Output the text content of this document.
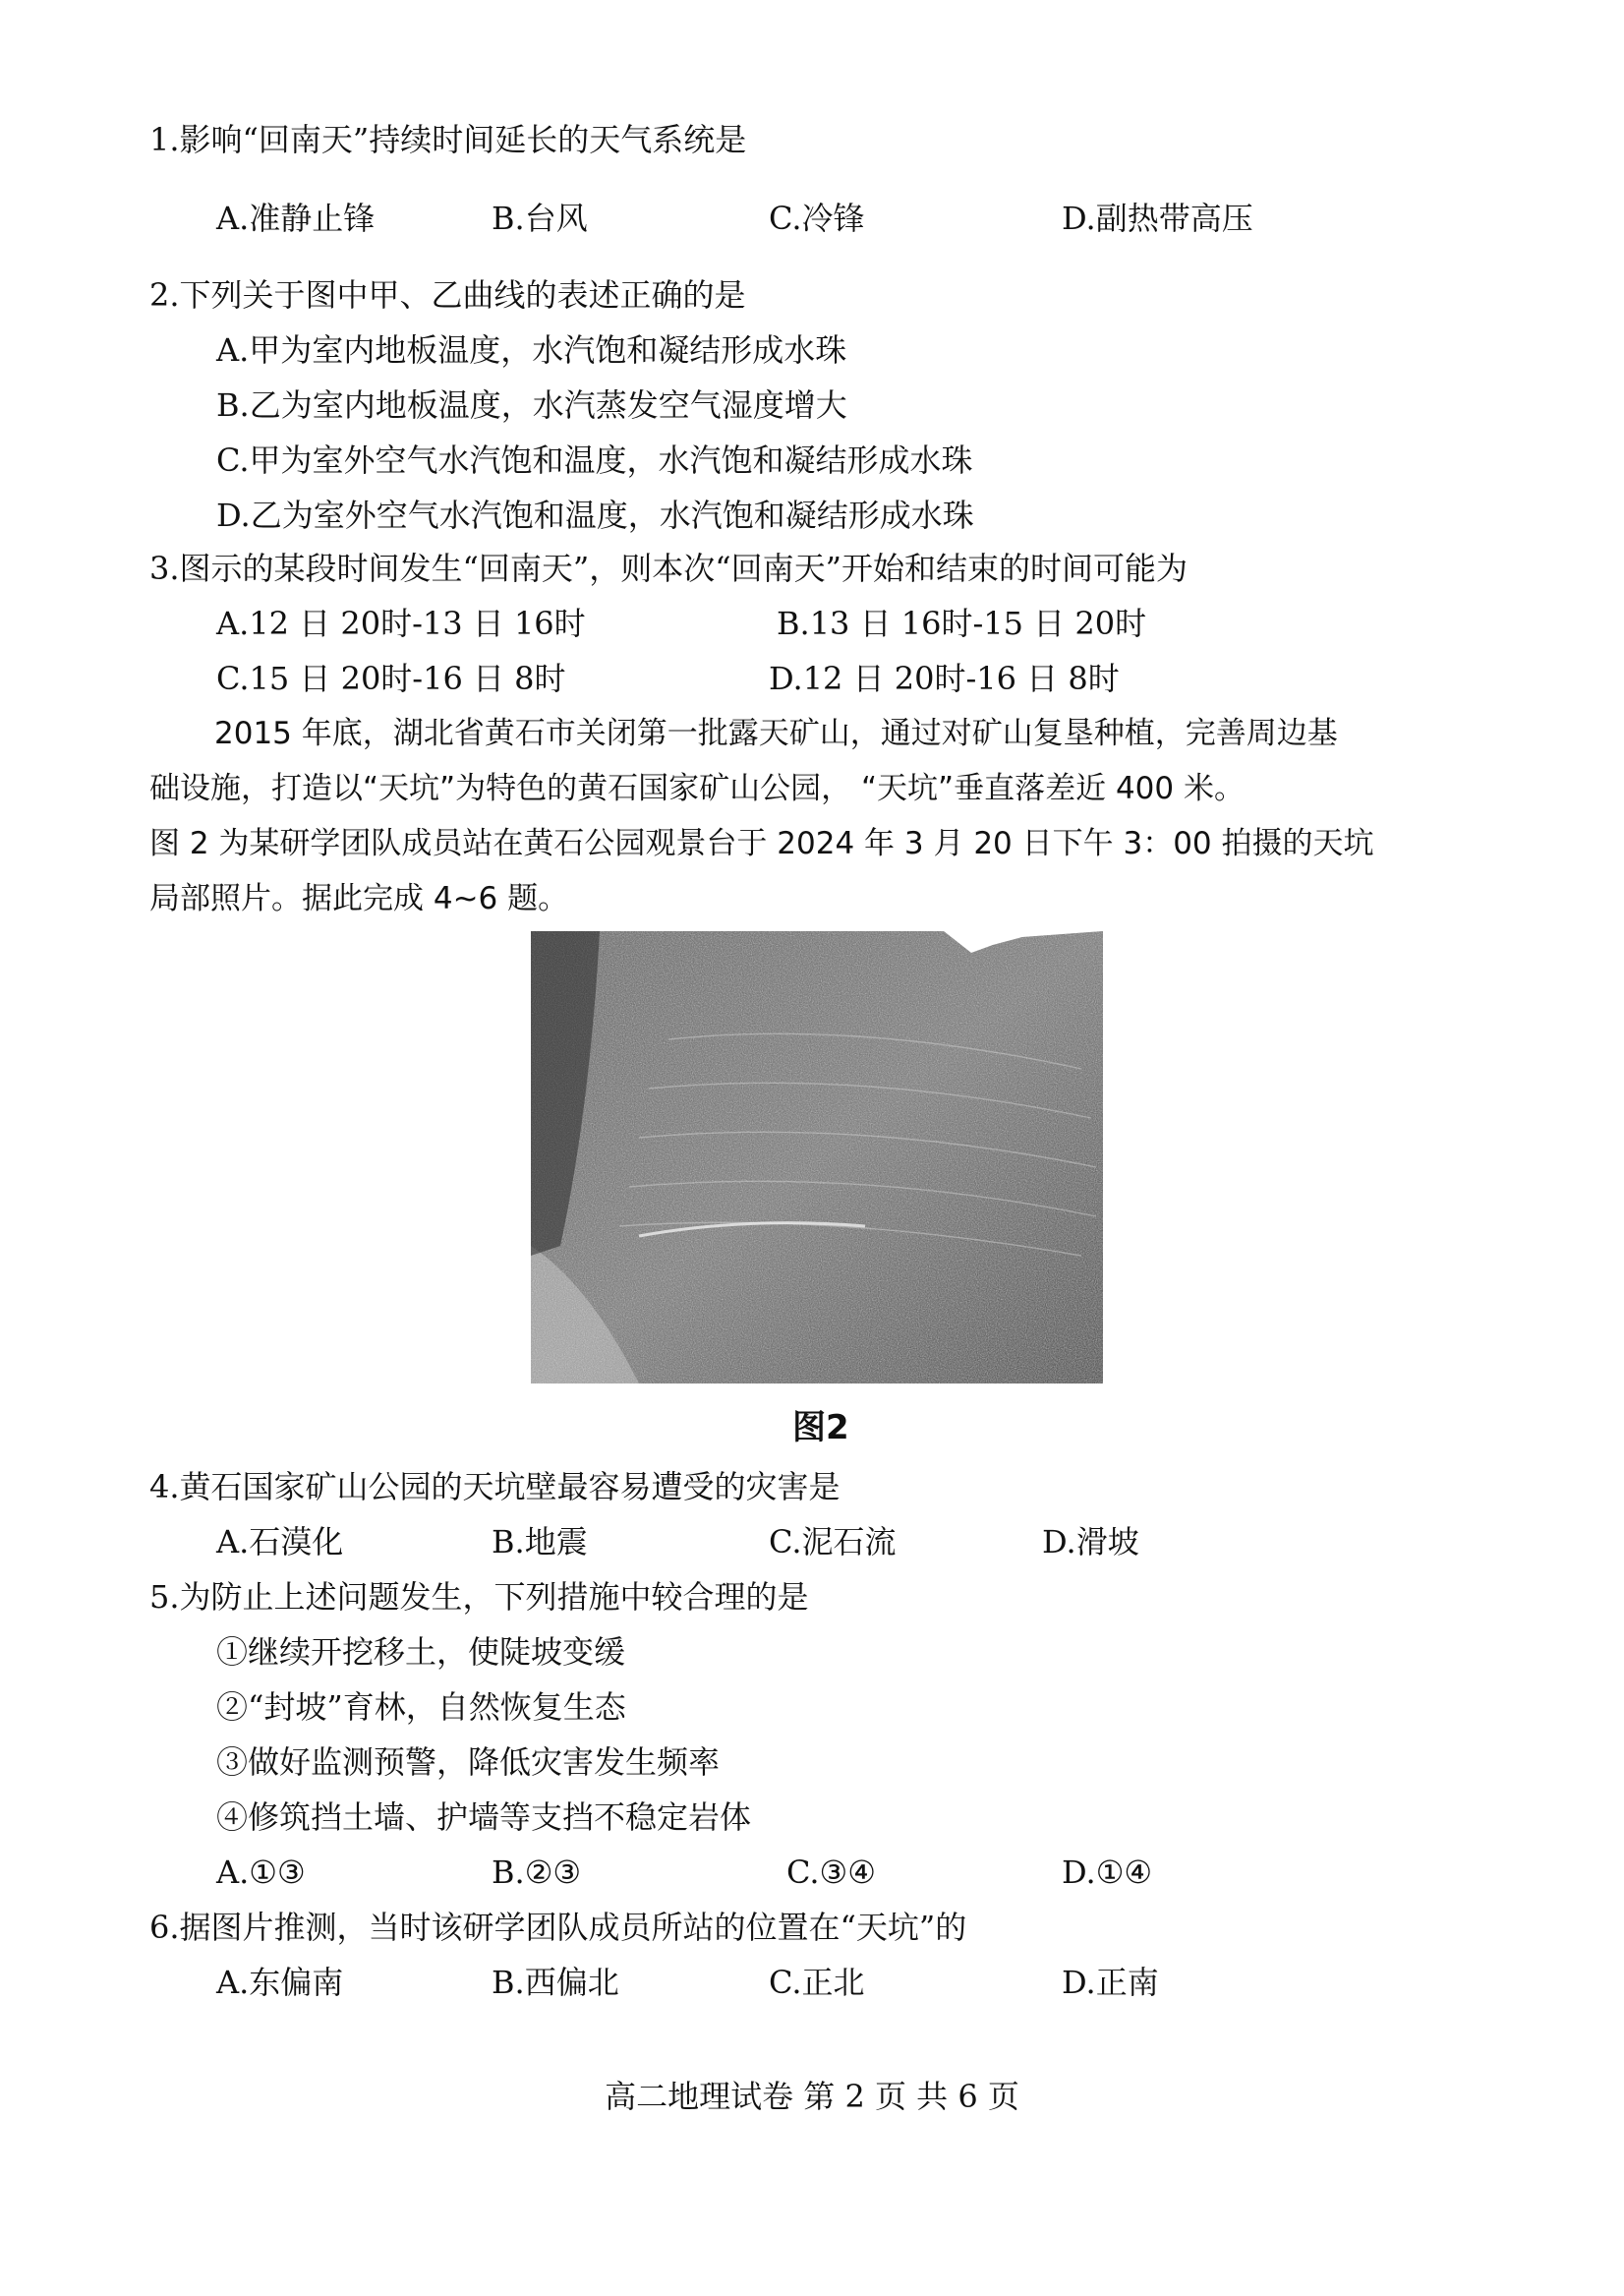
1.影响“回南天”持续时间延长的天气系统是
A.准静止锋	B.台风	C.冷锋	D.副热带高压
2.下列关于图中甲、乙曲线的表述正确的是
A.甲为室内地板温度，水汽饱和凝结形成水珠
B.乙为室内地板温度，水汽蒸发空气湿度增大
C.甲为室外空气水汽饱和温度，水汽饱和凝结形成水珠
D.乙为室外空气水汽饱和温度，水汽饱和凝结形成水珠
3.图示的某段时间发生“回南天”，则本次“回南天”开始和结束的时间可能为
A.12 日 20时-13 日 16时	B.13 日 16时-15 日 20时
C.15 日 20时-16 日 8时	D.12 日 20时-16 日 8时
2015 年底，湖北省黄石市关闭第一批露天矿山，通过对矿山复垦种植，完善周边基
础设施，打造以“天坑”为特色的黄石国家矿山公园， “天坑”垂直落差近 400 米。
图 2 为某研学团队成员站在黄石公园观景台于 2024 年 3 月 20 日下午 3：00 拍摄的天坑
局部照片。据此完成 4~6 题。
图2
4.黄石国家矿山公园的天坑壁最容易遭受的灾害是
A.石漠化	B.地震	C.泥石流	D.滑坡
5.为防止上述问题发生，下列措施中较合理的是
①继续开挖移土，使陡坡变缓
②“封坡”育林，自然恢复生态
③做好监测预警，降低灾害发生频率
④修筑挡土墙、护墙等支挡不稳定岩体
A.①③	B.②③	C.③④	D.①④
6.据图片推测，当时该研学团队成员所站的位置在“天坑”的
A.东偏南	B.西偏北	C.正北	D.正南
高二地理试卷 第 2 页 共 6 页
